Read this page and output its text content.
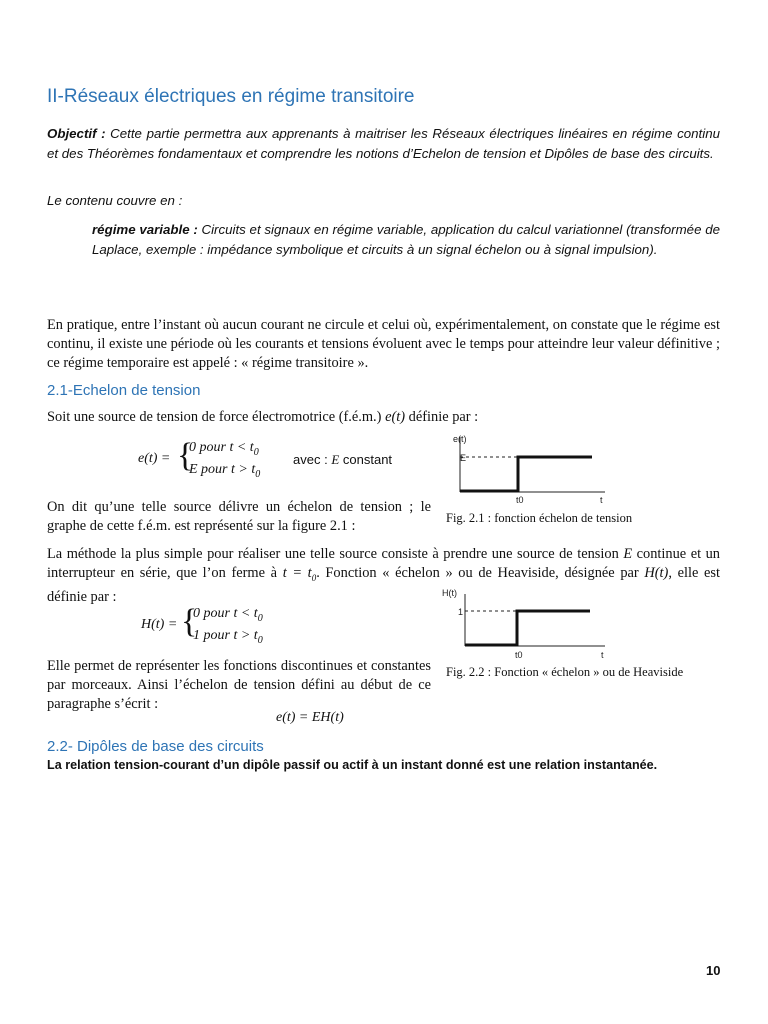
II-Réseaux électriques en régime transitoire
Objectif : Cette partie permettra aux apprenants à maitriser les Réseaux électriques linéaires en régime continu et des Théorèmes fondamentaux et comprendre les notions d’Echelon de tension et Dipôles de base des circuits.
Le contenu couvre en :
régime variable : Circuits et signaux en régime variable, application du calcul variationnel (transformée de Laplace, exemple : impédance symbolique et circuits à un signal échelon ou à signal impulsion).
En pratique, entre l’instant où aucun courant ne circule et celui où, expérimentalement, on constate que le régime est continu, il existe une période où les courants et tensions évoluent avec le temps pour atteindre leur valeur définitive ; ce régime temporaire est appelé : « régime transitoire ».
2.1-Echelon de tension
Soit une source de tension de force électromotrice (f.é.m.) e(t) définie par :
e(t) = {
0 pour $t < t_0$
E pour $t > t_0$
avec : E constant
e(t)
E
t0	t
Fig. 2.1 : fonction échelon de tension
On dit qu’une telle source délivre un échelon de tension ; le graphe de cette f.é.m. est représenté sur la figure 2.1 :
La méthode la plus simple pour réaliser une telle source consiste à prendre une source de tension E continue et un interrupteur en série, que l’on ferme à $t = t_0$. Fonction « échelon » ou de Heaviside, désignée par H(t), elle est définie par :
H(t) = {
0 pour $t < t_0$
1 pour $t > t_0$
H(t)
1
t0	t
Fig. 2.2 : Fonction « échelon » ou de Heaviside
Elle permet de représenter les fonctions discontinues et constantes par morceaux. Ainsi l’échelon de tension défini au début de ce paragraphe s’écrit :
e(t) = EH(t)
2.2- Dipôles de base des circuits
La relation tension-courant d’un dipôle passif ou actif à un instant donné est une relation instantanée.
10
